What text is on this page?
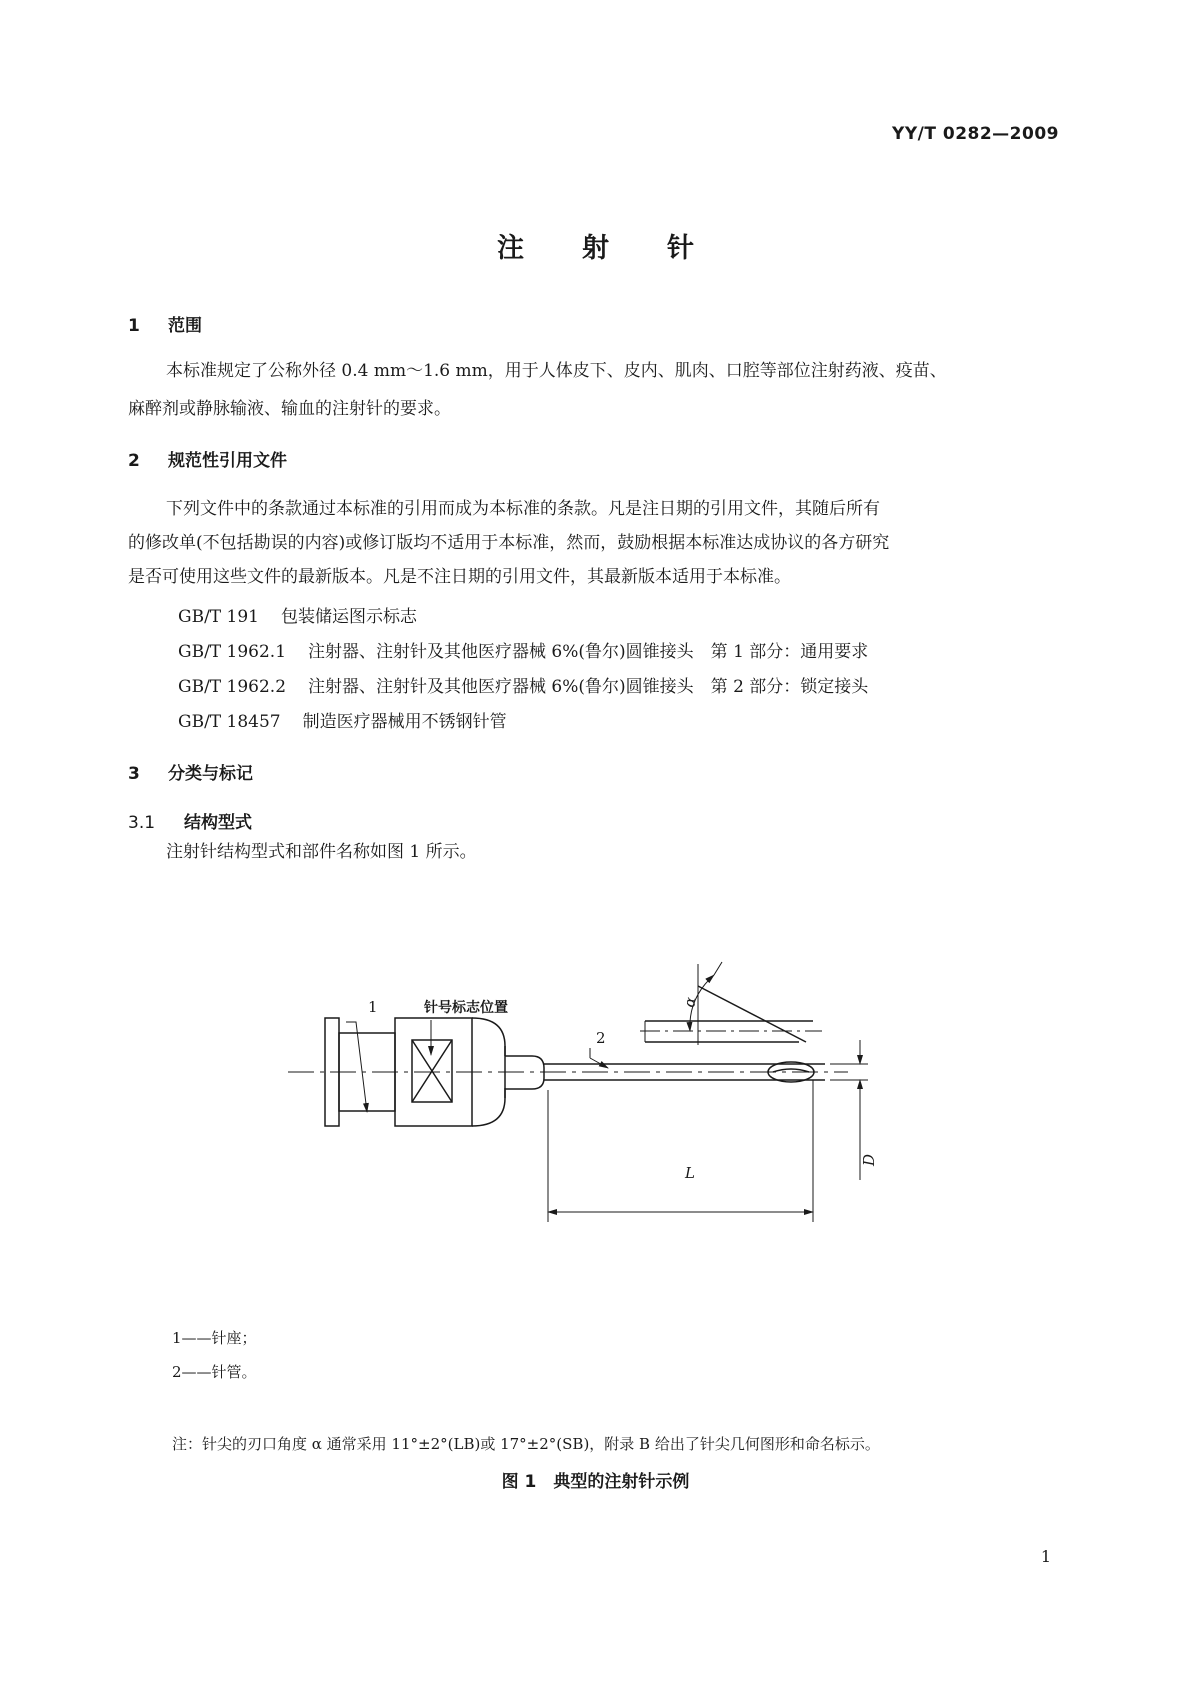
YY/T 0282—2009
注射针
1 范围
本标准规定了公称外径 0.4 mm～1.6 mm，用于人体皮下、皮内、肌肉、口腔等部位注射药液、疫苗、
麻醉剂或静脉输液、输血的注射针的要求。
2 规范性引用文件
下列文件中的条款通过本标准的引用而成为本标准的条款。凡是注日期的引用文件，其随后所有
的修改单(不包括勘误的内容)或修订版均不适用于本标准，然而，鼓励根据本标准达成协议的各方研究
是否可使用这些文件的最新版本。凡是不注日期的引用文件，其最新版本适用于本标准。
GB/T 191 包装储运图示标志
GB/T 1962.1 注射器、注射针及其他医疗器械 6%(鲁尔)圆锥接头　第 1 部分：通用要求
GB/T 1962.2 注射器、注射针及其他医疗器械 6%(鲁尔)圆锥接头　第 2 部分：锁定接头
GB/T 18457 制造医疗器械用不锈钢针管
3 分类与标记
3.1 结构型式
注射针结构型式和部件名称如图 1 所示。
1	针号标志位置
2
L
D
α
1——针座；
2——针管。
注：针尖的刃口角度 α 通常采用 11°±2°(LB)或 17°±2°(SB)，附录 B 给出了针尖几何图形和命名标示。
图 1　典型的注射针示例
1
